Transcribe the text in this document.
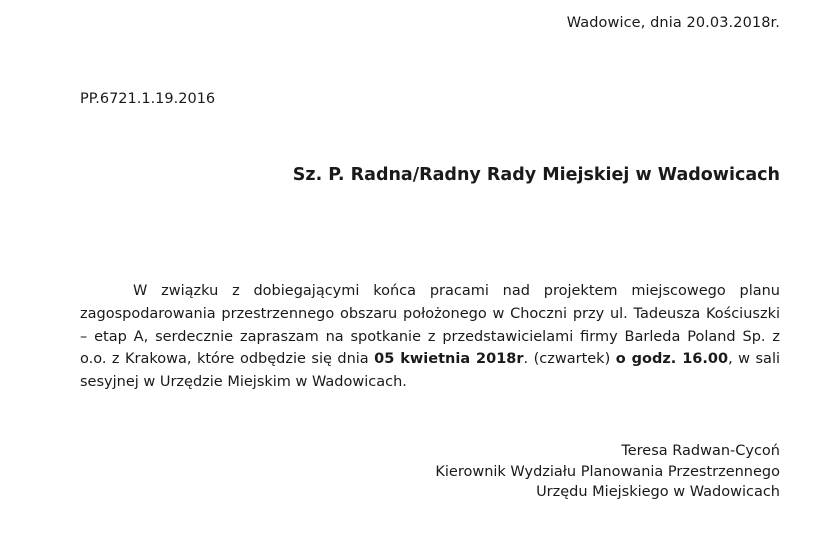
Wadowice, dnia 20.03.2018r.
PP.6721.1.19.2016
Sz. P. Radna/Radny Rady Miejskiej w Wadowicach

W związku z dobiegającymi końca pracami nad projektem miejscowego planu zagospodarowania przestrzennego obszaru położonego w Choczni przy ul. Tadeusza Kościuszki – etap A, serdecznie zapraszam na spotkanie z przedstawicielami firmy Barleda Poland Sp. z o.o. z Krakowa, które odbędzie się dnia 05 kwietnia 2018r. (czwartek) o godz. 16.00, w sali sesyjnej w Urzędzie Miejskim w Wadowicach.

Teresa Radwan-Cycoń
Kierownik Wydziału Planowania Przestrzennego
Urzędu Miejskiego w Wadowicach
